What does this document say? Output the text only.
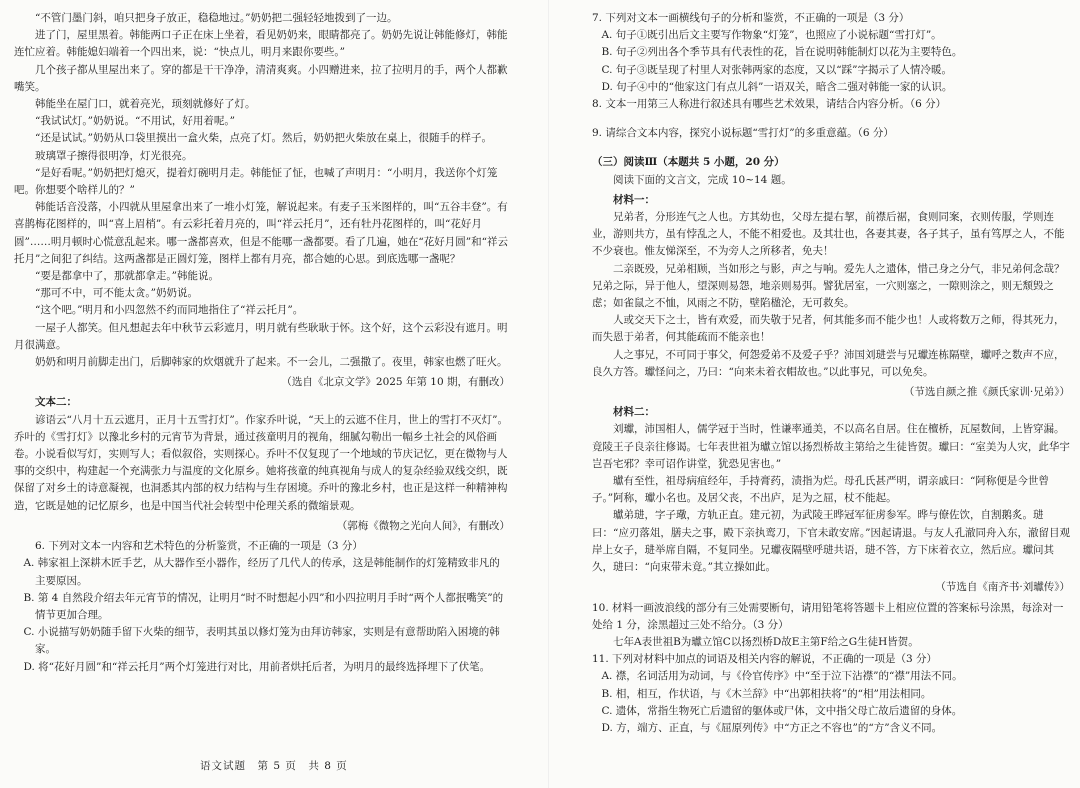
“不管门墨门斜，咱只把身子放正，稳稳地过。”奶奶把二强轻轻地拨到了一边。

进了门，屋里黑着。韩能两口子正在床上坐着，看见奶奶来，眼睛都亮了。奶奶先说让韩能修灯，韩能连忙应着。韩能媳妇端着一个四出来，说：“快点儿，明月来跟你要些。”

几个孩子都从里屋出来了。穿的都是干干净净，清清爽爽。小四赠进来，拉了拉明月的手，两个人都歉嘴笑。

韩能坐在屋门口，就着亮光，顼刻就修好了灯。

“我试试灯。”奶奶说。“不用试，好用着呢。”

“还是试试。”奶奶从口袋里摸出一盒火柴，点亮了灯。然后，奶奶把火柴放在桌上，很随手的样子。

玻璃罩子擦得很明净，灯光很亮。

“是好看呢。”奶奶把灯熄灭，提着灯碗明月走。韩能怔了怔，也喊了声明月：“小明月，我送你个灯笼吧。你想要个啥样儿的？”

韩能话音没落，小四就从里屋拿出来了一堆小灯笼，解说起来。有麦子玉米图样的，叫“五谷丰登”。有喜鹊梅花图样的，叫“喜上眉梢”。有云彩托着月亮的，叫“祥云托月”，还有牡丹花图样的，叫“花好月圆”……明月顿时心慌意乱起来。哪一盏都喜欢，但是不能哪一盏都要。看了几遍，她在“花好月圆”和“祥云托月”之间犯了纠结。这两盏都是正圆灯笼，图样上都有月亮，都合她的心思。到底选哪一盏呢？

“要是都拿中了，那就都拿走。”韩能说。

“那可不中，可不能太贪。”奶奶说。

“这个吧。”明月和小四忽然不约而同地指住了“祥云托月”。

一屋子人都笑。但凡想起去年中秋节云彩遮月，明月就有些耿耿于怀。这个好，这个云彩没有遮月。明月很满意。

奶奶和明月前脚走出门，后脚韩家的炊烟就升了起来。不一会儿，二强撒了。夜里，韩家也燃了旺火。

（选自《北京文学》2025 年第 10 期，有删改）

文本二：

谚语云“八月十五云遮月，正月十五雪打灯”。作家乔叶说，“天上的云遮不住月，世上的雪打不灭灯”。乔叶的《雪打灯》以豫北乡村的元宵节为背景，通过孩童明月的视角，细腻勾勒出一幅乡土社会的风俗画卷。小说看似写灯，实则写人；看似叙俗，实则探心。乔叶不仅复现了一个地域的节庆记忆，更在微物与人事的交织中，构建起一个充满张力与温度的文化原乡。她将孩童的纯真视角与成人的复杂经验双线交织，既保留了对乡土的诗意凝视，也洞悉其内部的权力结构与生存困境。乔叶的豫北乡村，也正是这样一种精神构造，它既是她的记忆原乡，也是中国当代社会转型中伦理关系的微缩景观。

（郭梅《微物之光向人间》，有删改）

6. 下列对文本一内容和艺术特色的分析鉴赏，不正确的一项是（3 分）

A. 韩家祖上深耕木匠手艺，从大器作至小器作，经历了几代人的传承，这是韩能制作的灯笼精致非凡的主要原因。

B. 第 4 自然段介绍去年元宵节的情况，让明月“时不时想起小四”和小四拉明月手时“两个人都抿嘴笑”的情节更加合理。

C. 小说描写奶奶随手留下火柴的细节，表明其虽以修灯笼为由拜访韩家，实则是有意帮助陷入困境的韩家。

D. 将“花好月圆”和“祥云托月”两个灯笼进行对比，用前者烘托后者，为明月的最终选择埋下了伏笔。

7. 下列对文本一画横线句子的分析和鉴赏，不正确的一项是（3 分）

A. 句子①既引出后文主要写作物象“灯笼”，也照应了小说标题“雪打灯”。

B. 句子②列出各个季节具有代表性的花，旨在说明韩能制灯以花为主要特色。

C. 句子③既呈现了村里人对张韩两家的态度，又以“踩”字揭示了人情冷暖。

D. 句子④中的“他家这门有点儿斜”一语双关，暗含二强对韩能一家的认识。

8. 文本一用第三人称进行叙述具有哪些艺术效果，请结合内容分析。（6 分）

9. 请综合文本内容，探究小说标题“雪打灯”的多重意蕴。（6 分）

（三）阅读Ⅲ（本题共 5 小题，20 分）

阅读下面的文言文，完成 10~14 题。

材料一：

兄弟者，分形连气之人也。方其幼也，父母左提右挈，前襟后裾，食则同案，衣则传服，学则连业，游则共方，虽有悖乱之人，不能不相爱也。及其壮也，各妻其妻，各子其子，虽有笃厚之人，不能不少衰也。惟友悌深至，不为旁人之所移者，免夫！

二亲既殁，兄弟相顾，当如形之与影，声之与响。爱先人之遗体，惜己身之分气，非兄弟何念哉？兄弟之际，异于他人，望深则易怨，地亲则易弭。譬犹居室，一穴则塞之，一隙则涂之，则无颓毁之虑；如雀鼠之不恤，风雨之不防，壁陷楹沦，无可救矣。

人或交天下之士，皆有欢爱，而失敬于兄者，何其能多而不能少也！人或将数万之师，得其死力，而失恩于弟者，何其能疏而不能亲也！

人之事兄，不可同于事父，何怨爱弟不及爱子乎？沛国刘琎尝与兄瓛连栋隔壁，瓛呼之数声不应，良久方答。瓛怪问之，乃曰：“向来未着衣帽故也。”以此事兄，可以免矣。

（节选自颜之推《颜氏家训·兄弟》）

材料二：

刘瓛，沛国相人，儒学冠于当时，性谦率通美，不以高名自居。住在檀桥，瓦屋数间，上皆穿漏。竟陵王子良亲往修谒。七年表世祖为瓛立馆以扬烈桥故主第给之生徒皆贺。瓛曰：“室美为人灾，此华宇岂吾宅邪？幸可诏作讲堂，犹恐见害也。”

瓛有至性，祖母病疽经年，手持膏药，渍指为烂。母孔氏甚严明，谓亲戚曰：“阿称便是今世曾子。”阿称，瓛小名也。及居父丧，不出庐，足为之屈，杖不能起。

瓛弟琎，字子璥，方轨正直。建元初，为武陵王晔冠军征虏参军。晔与僚佐饮，自割鹅炙。琎曰：“应刃落俎，膳夫之事，殿下亲执鸾刀，下官未敢安席。”因起请退。与友人孔澈同舟入东，澈留目观岸上女子，琎举席自隔，不复同坐。兄瓛夜隔壁呼琎共语，琎不答，方下床着衣立，然后应。瓛问其久，琎曰：“向束带未竟。”其立操如此。

（节选自《南齐书·刘瓛传》）

10. 材料一画波浪线的部分有三处需要断句，请用铅笔将答题卡上相应位置的答案标号涂黑，每涂对一处给 1 分，涂黑超过三处不给分。（3 分）

七年A表世祖B为瓛立馆C以扬烈桥D故E主第F给之G生徒H皆贺。

11. 下列对材料中加点的词语及相关内容的解说，不正确的一项是（3 分）

A. 襟，名词活用为动词，与《伶官传序》中“至于泣下沾襟”的“襟”用法不同。

B. 相，相互，作状语，与《木兰辞》中“出郭相扶将”的“相”用法相同。

C. 遗体，常指生物死亡后遗留的躯体或尸体，文中指父母亡故后遗留的身体。

D. 方，端方、正直，与《屈原列传》中“方正之不容也”的“方”含义不同。

语文试题　第 5 页　共 8 页
